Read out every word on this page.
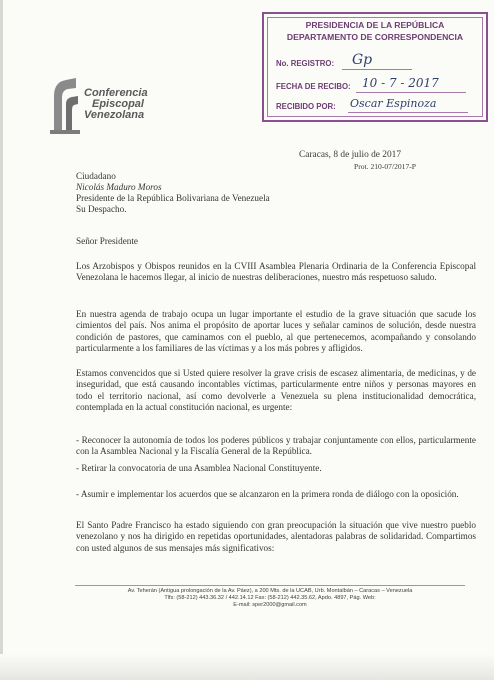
PRESIDENCIA DE LA REPÚBLICA
DEPARTAMENTO DE CORRESPONDENCIA
No. REGISTRO: Gp
FECHA DE RECIBO: 10 - 7 - 2017
RECIBIDO POR: Oscar Espinoza
Conferencia
Episcopal
Venezolana
Caracas, 8 de julio de 2017
Prot. 210-07/2017-P
Ciudadano
Nicolás Maduro Moros
Presidente de la República Bolivariana de Venezuela
Su Despacho.
Señor Presidente
Los Arzobispos y Obispos reunidos en la CVIII Asamblea Plenaria Ordinaria de la Conferencia Episcopal Venezolana le hacemos llegar, al inicio de nuestras deliberaciones, nuestro más respetuoso saludo.
En nuestra agenda de trabajo ocupa un lugar importante el estudio de la grave situación que sacude los cimientos del país. Nos anima el propósito de aportar luces y señalar caminos de solución, desde nuestra condición de pastores, que caminamos con el pueblo, al que pertenecemos, acompañando y consolando particularmente a los familiares de las víctimas y a los más pobres y afligidos.
Estamos convencidos que si Usted quiere resolver la grave crisis de escasez alimentaria, de medicinas, y de inseguridad, que está causando incontables víctimas, particularmente entre niños y personas mayores en todo el territorio nacional, así como devolverle a Venezuela su plena institucionalidad democrática, contemplada en la actual constitución nacional, es urgente:
- Reconocer la autonomía de todos los poderes públicos y trabajar conjuntamente con ellos, particularmente con la Asamblea Nacional y la Fiscalía General de la República.
- Retirar la convocatoria de una Asamblea Nacional Constituyente.
- Asumir e implementar los acuerdos que se alcanzaron en la primera ronda de diálogo con la oposición.
El Santo Padre Francisco ha estado siguiendo con gran preocupación la situación que vive nuestro pueblo venezolano y nos ha dirigido en repetidas oportunidades, alentadoras palabras de solidaridad. Compartimos con usted algunos de sus mensajes más significativos:
Av. Teherán (Antigua prolongación de la Av. Páez), a 200 Mts. de la UCAB, Urb. Montalbán – Caracas – Venezuela
Tlfs: (58-212) 443.36.32 / 442.14.12 Fax: (58-212) 442.35.62, Apdo. 4897, Pág. Web:
E-mail: sper2000@gmail.com
